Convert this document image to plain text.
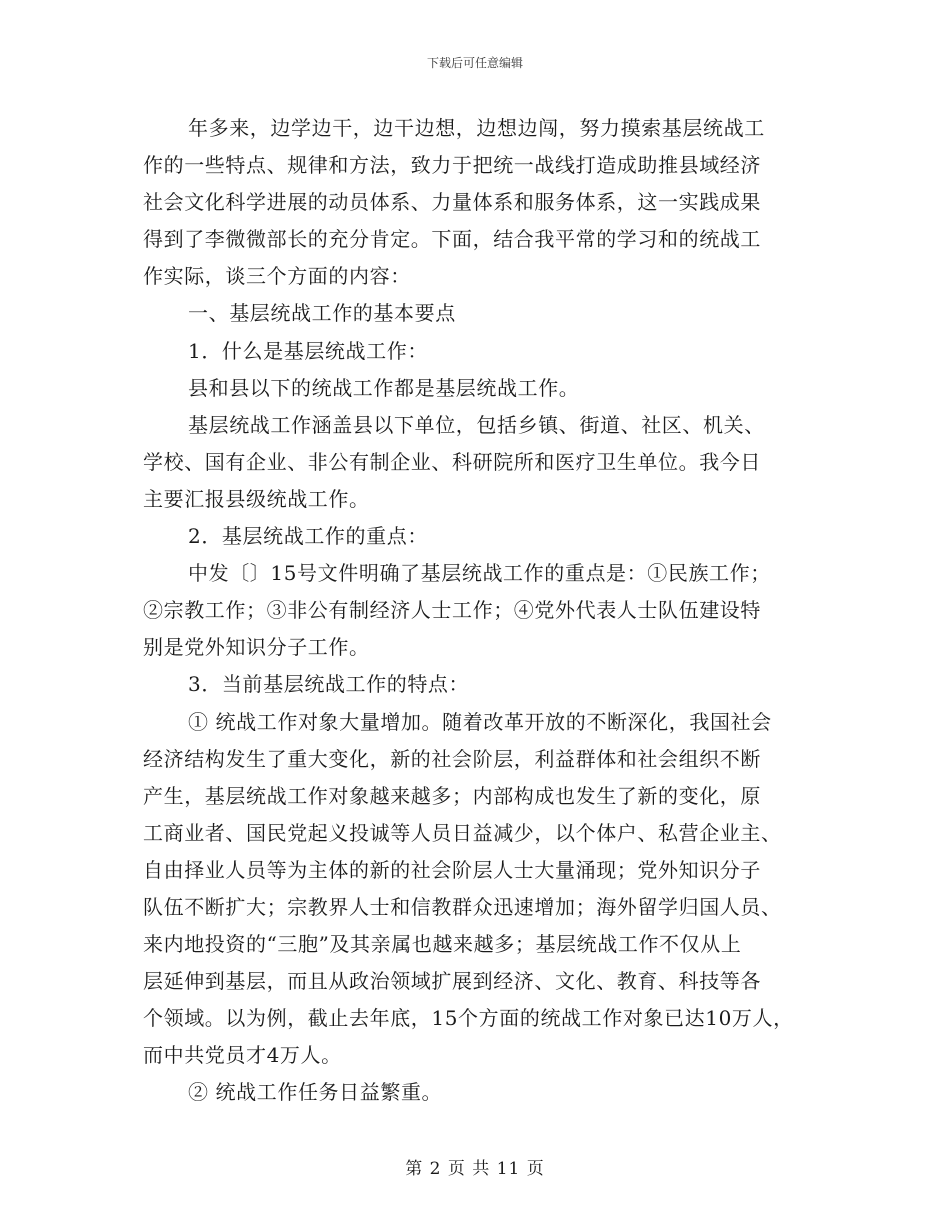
下载后可任意编辑
年多来，边学边干，边干边想，边想边闯，努力摸索基层统战工
作的一些特点、规律和方法，致力于把统一战线打造成助推县域经济
社会文化科学进展的动员体系、力量体系和服务体系，这一实践成果
得到了李微微部长的充分肯定。下面，结合我平常的学习和的统战工
作实际，谈三个方面的内容：
一、基层统战工作的基本要点
1．什么是基层统战工作：
县和县以下的统战工作都是基层统战工作。
基层统战工作涵盖县以下单位，包括乡镇、街道、社区、机关、
学校、国有企业、非公有制企业、科研院所和医疗卫生单位。我今日
主要汇报县级统战工作。
2．基层统战工作的重点：
中发〔〕15号文件明确了基层统战工作的重点是：①民族工作；
②宗教工作；③非公有制经济人士工作；④党外代表人士队伍建设特
别是党外知识分子工作。
3．当前基层统战工作的特点：
① 统战工作对象大量增加。随着改革开放的不断深化，我国社会
经济结构发生了重大变化，新的社会阶层，利益群体和社会组织不断
产生，基层统战工作对象越来越多；内部构成也发生了新的变化，原
工商业者、国民党起义投诚等人员日益减少，以个体户、私营企业主、
自由择业人员等为主体的新的社会阶层人士大量涌现；党外知识分子
队伍不断扩大；宗教界人士和信教群众迅速增加；海外留学归国人员、
来内地投资的“三胞”及其亲属也越来越多；基层统战工作不仅从上
层延伸到基层，而且从政治领域扩展到经济、文化、教育、科技等各
个领域。以为例，截止去年底，15个方面的统战工作对象已达10万人，
而中共党员才4万人。
② 统战工作任务日益繁重。
第 2 页 共 11 页
